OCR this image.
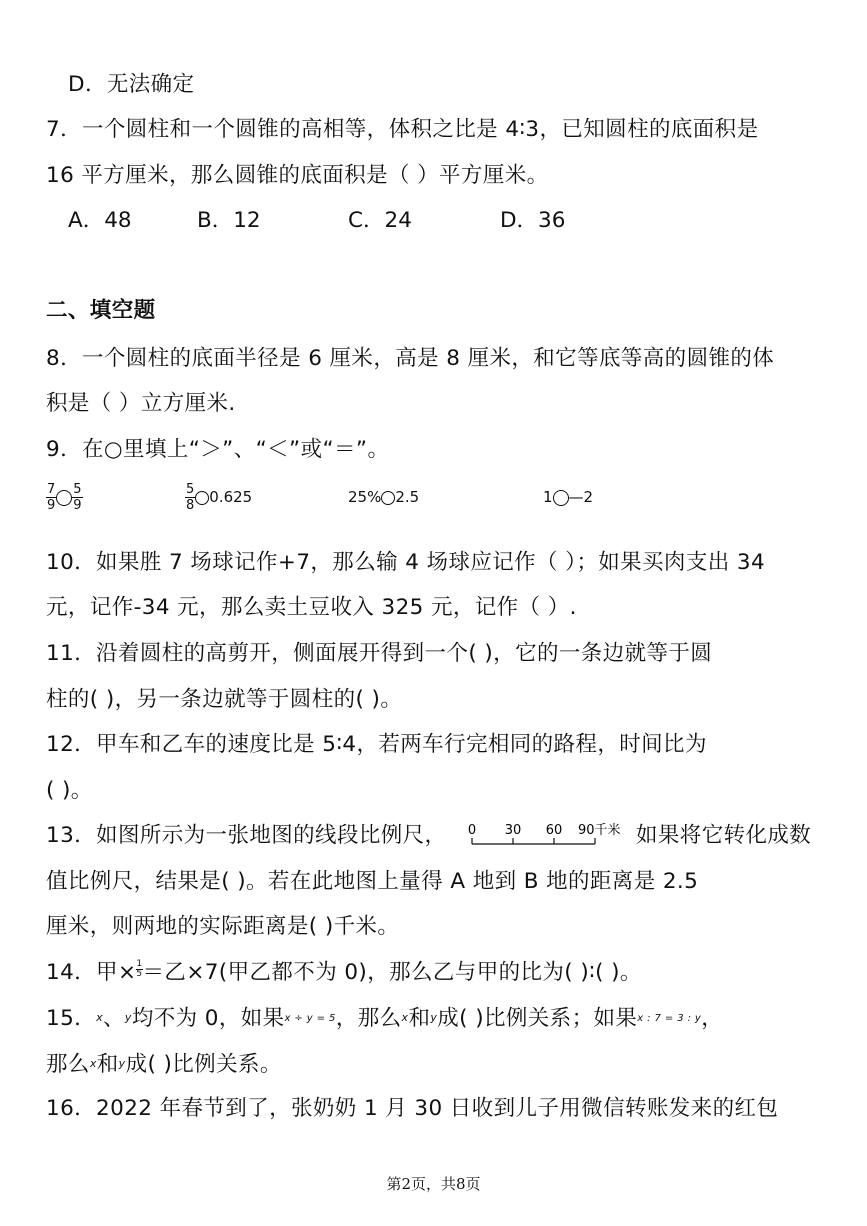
D．无法确定
7．一个圆柱和一个圆锥的高相等，体积之比是 4∶3，已知圆柱的底面积是
16 平方厘米，那么圆锥的底面积是（ ）平方厘米。
A．48	B．12	C．24	D．36
二、填空题
8．一个圆柱的底面半径是 6 厘米，高是 8 厘米，和它等底等高的圆锥的体
积是（ ）立方厘米.
9．在○里填上“＞”、“＜”或“＝”。
$\frac{7}{9} \frac{5}{9}$	$\frac{5}{8} 0.625$	25% 2.5	1 —2
10．如果胜 7 场球记作+7，那么输 4 场球应记作（ ）；如果买肉支出 34
元，记作-34 元，那么卖土豆收入 325 元，记作（ ）.
11．沿着圆柱的高剪开，侧面展开得到一个( )，它的一条边就等于圆
柱的( )，另一条边就等于圆柱的( )。
12．甲车和乙车的速度比是 5∶4，若两车行完相同的路程，时间比为
( )。
13．如图所示为一张地图的线段比例尺， 0 30 60 90千米 如果将它转化成数
值比例尺，结果是( )。若在此地图上量得 A 地到 B 地的距离是 2.5
厘米，则两地的实际距离是( )千米。
14．甲× $\frac{1}{5}$ ＝乙×7(甲乙都不为 0)，那么乙与甲的比为( )∶( )。
15．x、y均不为 0，如果x ÷ y = 5，那么x和y成( )比例关系；如果x : 7 = 3 : y，
那么x和y成( )比例关系。
16．2022 年春节到了，张奶奶 1 月 30 日收到儿子用微信转账发来的红包
第2页，共8页
